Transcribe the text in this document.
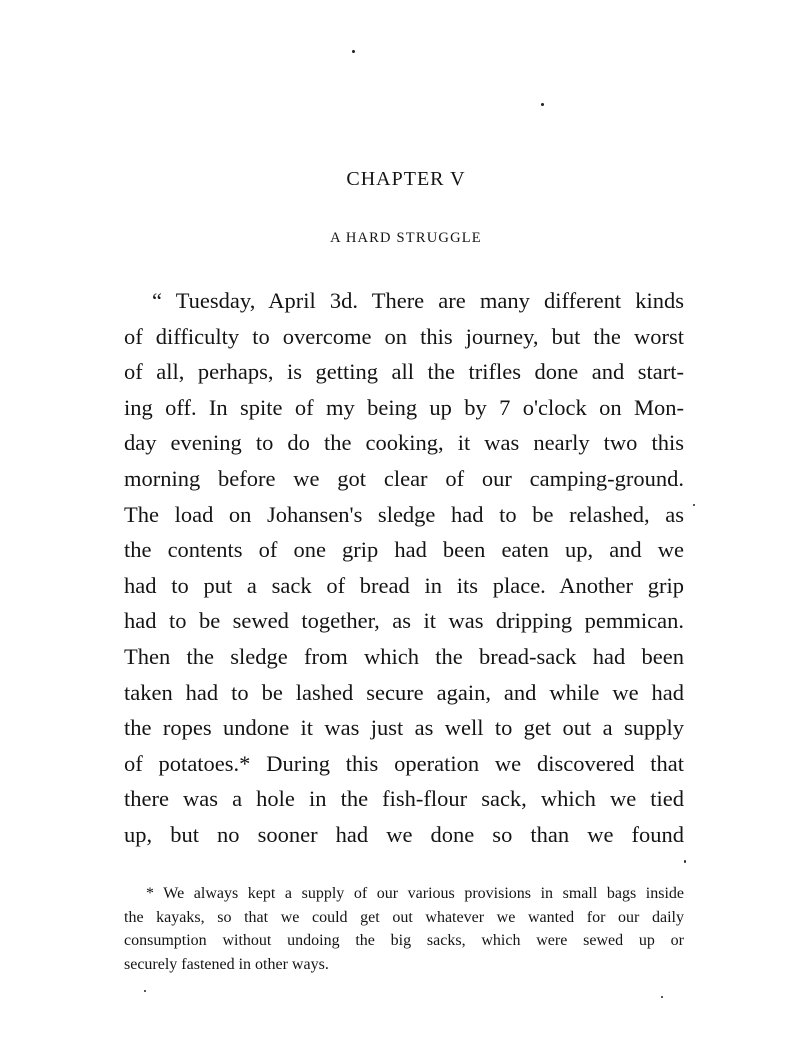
CHAPTER V
A HARD STRUGGLE
“ Tuesday, April 3d. There are many different kinds
of difficulty to overcome on this journey, but the worst
of all, perhaps, is getting all the trifles done and start-
ing off. In spite of my being up by 7 o'clock on Mon-
day evening to do the cooking, it was nearly two this
morning before we got clear of our camping-ground.
The load on Johansen's sledge had to be relashed, as
the contents of one grip had been eaten up, and we
had to put a sack of bread in its place. Another grip
had to be sewed together, as it was dripping pemmican.
Then the sledge from which the bread-sack had been
taken had to be lashed secure again, and while we had
the ropes undone it was just as well to get out a supply
of potatoes.* During this operation we discovered that
there was a hole in the fish-flour sack, which we tied
up, but no sooner had we done so than we found
* We always kept a supply of our various provisions in small bags inside
the kayaks, so that we could get out whatever we wanted for our daily
consumption without undoing the big sacks, which were sewed up or
securely fastened in other ways.
